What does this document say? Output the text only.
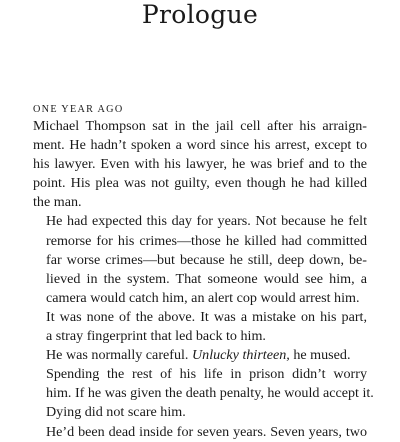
Prologue

ONE YEAR AGO

Michael Thompson sat in the jail cell after his arraign-
ment. He hadn’t spoken a word since his arrest, except to
his lawyer. Even with his lawyer, he was brief and to the
point. His plea was not guilty, even though he had killed
the man.

He had expected this day for years. Not because he felt
remorse for his crimes—those he killed had committed
far worse crimes—but because he still, deep down, be-
lieved in the system. That someone would see him, a
camera would catch him, an alert cop would arrest him.

It was none of the above. It was a mistake on his part,
a stray fingerprint that led back to him.

He was normally careful. Unlucky thirteen, he mused.

Spending the rest of his life in prison didn’t worry
him. If he was given the death penalty, he would accept it.
Dying did not scare him.

He’d been dead inside for seven years. Seven years, two
